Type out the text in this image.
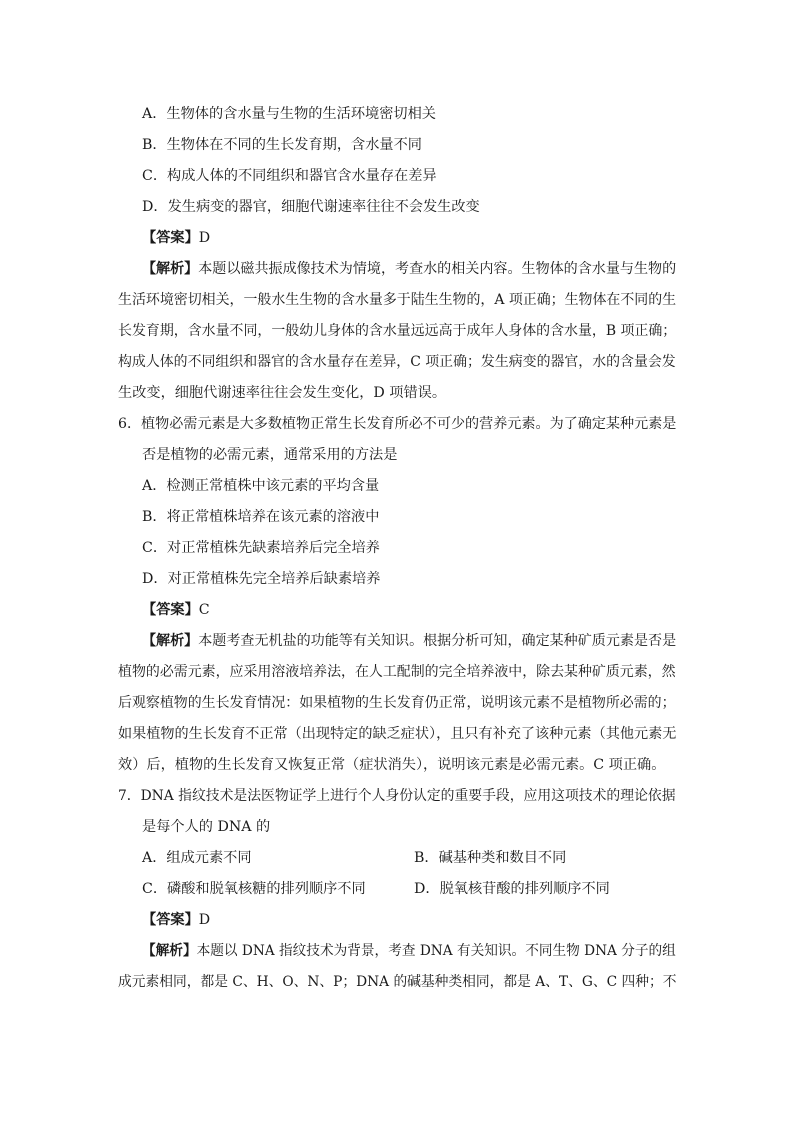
A．生物体的含水量与生物的生活环境密切相关
B．生物体在不同的生长发育期，含水量不同
C．构成人体的不同组织和器官含水量存在差异
D．发生病变的器官，细胞代谢速率往往不会发生改变
【答案】D
【解析】本题以磁共振成像技术为情境，考查水的相关内容。生物体的含水量与生物的
生活环境密切相关，一般水生生物的含水量多于陆生生物的，A 项正确；生物体在不同的生
长发育期，含水量不同，一般幼儿身体的含水量远远高于成年人身体的含水量，B 项正确；
构成人体的不同组织和器官的含水量存在差异，C 项正确；发生病变的器官，水的含量会发
生改变，细胞代谢速率往往会发生变化，D 项错误。
6．植物必需元素是大多数植物正常生长发育所必不可少的营养元素。为了确定某种元素是
否是植物的必需元素，通常采用的方法是
A．检测正常植株中该元素的平均含量
B．将正常植株培养在该元素的溶液中
C．对正常植株先缺素培养后完全培养
D．对正常植株先完全培养后缺素培养
【答案】C
【解析】本题考查无机盐的功能等有关知识。根据分析可知，确定某种矿质元素是否是
植物的必需元素，应采用溶液培养法，在人工配制的完全培养液中，除去某种矿质元素，然
后观察植物的生长发育情况：如果植物的生长发育仍正常，说明该元素不是植物所必需的；
如果植物的生长发育不正常（出现特定的缺乏症状），且只有补充了该种元素（其他元素无
效）后，植物的生长发育又恢复正常（症状消失），说明该元素是必需元素。C 项正确。
7．DNA 指纹技术是法医物证学上进行个人身份认定的重要手段，应用这项技术的理论依据
是每个人的 DNA 的
A．组成元素不同	B．碱基种类和数目不同
C．磷酸和脱氧核糖的排列顺序不同	D．脱氧核苷酸的排列顺序不同
【答案】D
【解析】本题以 DNA 指纹技术为背景，考查 DNA 有关知识。不同生物 DNA 分子的组
成元素相同，都是 C、H、O、N、P；DNA 的碱基种类相同，都是 A、T、G、C 四种；不
